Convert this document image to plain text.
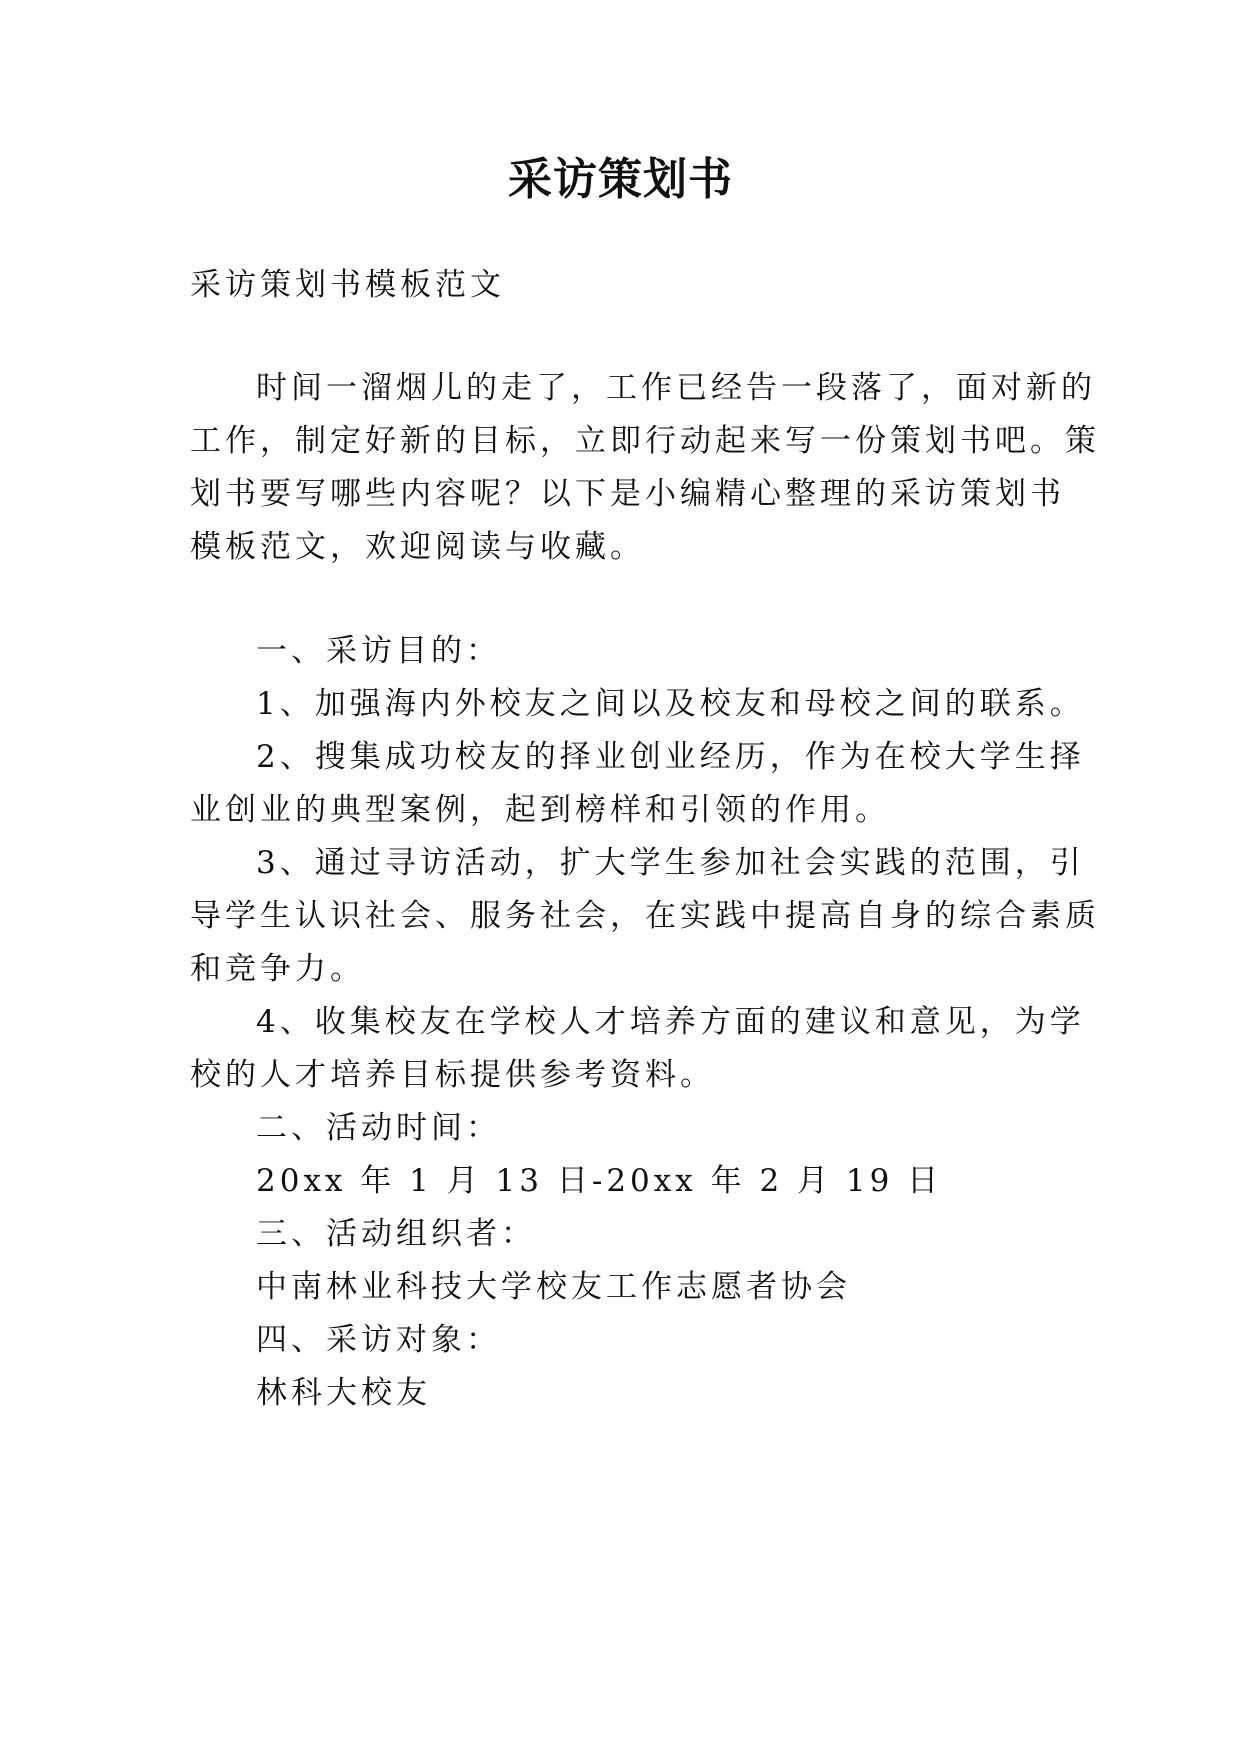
采访策划书
采访策划书模板范文
时间一溜烟儿的走了，工作已经告一段落了，面对新的
工作，制定好新的目标，立即行动起来写一份策划书吧。策
划书要写哪些内容呢？以下是小编精心整理的采访策划书
模板范文，欢迎阅读与收藏。
一、采访目的：
1、加强海内外校友之间以及校友和母校之间的联系。
2、搜集成功校友的择业创业经历，作为在校大学生择
业创业的典型案例，起到榜样和引领的作用。
3、通过寻访活动，扩大学生参加社会实践的范围，引
导学生认识社会、服务社会，在实践中提高自身的综合素质
和竞争力。
4、收集校友在学校人才培养方面的建议和意见，为学
校的人才培养目标提供参考资料。
二、活动时间：
20xx 年 1 月 13 日-20xx 年 2 月 19 日
三、活动组织者：
中南林业科技大学校友工作志愿者协会
四、采访对象：
林科大校友
